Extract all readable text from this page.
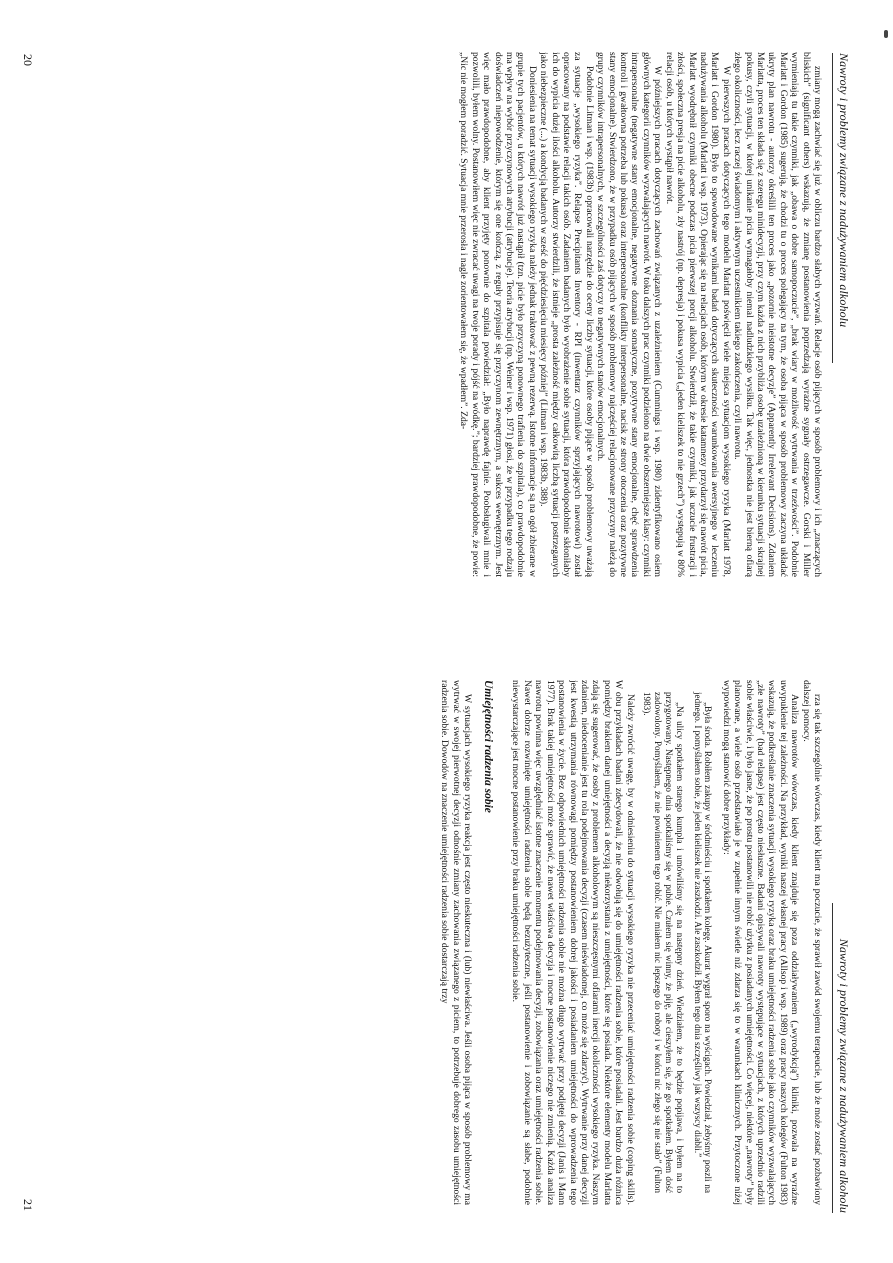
Nawroty i problemy związane z nadużywaniem alkoholu

zmiany mogą zachwiać się już w obliczu bardzo słabych wyzwań. Relacje osób pijących w sposób problemowy i ich „znaczących bliskich” (significant others) wskazują, że zmianę postanowienia poprzedzają wyraźne sygnały ostrzegawcze. Gorski i Miller wymieniają tu takie czynniki, jak „obawa o dobre samopoczucie”, „brak wiary w możliwość wytrwania w trzeźwości”. Podobnie Marlatt i Gordon (1985) sugerują, że chodzi tu o proces polegający na tym, że osoba pijąca w sposób problemowy zaczyna układać ukryty plan nawrotu - autorzy określili ten proces jako „pozornie nieistotne decyzje” (Apparently Irrelevant Decisions). Zdaniem Marlatta, proces ten składa się z szeregu minidecyzji, przy czym każda z nich przybliża osobę uzależnioną w kierunku sytuacji skrajnej pokusy, czyli sytuacji, w której unikanie picia wymagałoby niemal nadludzkiego wysiłku. Tak więc, jednostka nie jest bierną ofiarą złego okoliczności, lecz raczej świadomym i aktywnym uczestnikiem takiego zakończenia, czyli nawrotu.

W pierwszych pracach dotyczących tego modelu Marlatt poświęcił wiele miejsca sytuacjom wysokiego ryzyka (Marlatt 1978, Marlatt i Gordon 1980). Było to spowodowane wynikami badań dotyczących skuteczności warunkowania awersyjnego w leczeniu nadużywania alkoholu (Marlatt i wsp. 1973). Opierając się na relacjach osób, którym w okresie katamnezy przydarzył się nawrót picia, Marlatt wyodrębnił czynniki obecne podczas picia pierwszej porcji alkoholu. Stwierdził, że takie czynniki, jak uczucie frustracji i złości, społeczna presja na picie alkoholu, zły nastrój (np. depresja) i pokusa wypicia („jeden kieliszek to nie grzech”) występują w 80% relacji osób, u których wystąpił nawrót.

W późniejszych pracach dotyczących zachowań związanych z uzależnieniem (Cummings i wsp. 1980) zidentyfikowano osiem głównych kategorii czynników wyzwalających nawrót. W toku dalszych prac czynniki podzielono na dwie obszerniejsze klasy: czynniki intrapersonalne (negatywne stany emocjonalne, negatywne doznania somatyczne, pozytywne stany emocjonalne, chęć sprawdzenia kontroli i gwałtowna potrzeba lub pokusa) oraz interpersonalne (konflikty interpersonalne, nacisk ze strony otoczenia oraz pozytywne stany emocjonalne). Stwierdzono, że w przypadku osób pijących w sposób problemowy najczęściej relacjonowane przyczyny należą do grupy czynników intrapersonalnych, w szczególności zaś dotyczy to negatywnych stanów emocjonalnych.

Podobnie Litman i wsp. (1983b) opracowali narzędzie do oceny liczby sytuacji, które osoby pijące w sposób problemowy uważają za sytuacje „wysokiego ryzyka”. Relapse Precipitants Inventory - RPI (inwentarz czynników sprzyjających nawrotowi) został opracowany na podstawie relacji takich osób. Zadaniem badanych było wyobrażenie sobie sytuacji, która prawdopodobnie skłoniłaby ich do wypicia dużej ilości alkoholu. Autorzy stwierdzili, że istnieje „prosta zależność między całkowitą liczbą sytuacji postrzeganych jako niebezpieczne (...) a kondycją badanych w sześć do pięćdziesięciu miesięcy później” (Litman i wsp. 1983b, 388).

Doniesienia na temat sytuacji wysokiego ryzyka należy jednak traktować z pewną rezerwą. Istotne informacje są na ogół zbierane w grupie tych pacjentów, u których nawrót już nastąpił (tzn. picie było przyczyną ponownego trafienia do szpitala), co prawdopodobnie ma wpływ na wybór przyczynowych atrybucji (atrybucje). Teoria atrybucji (np. Weiner i wsp. 1971) głosi, że w przypadku tego rodzaju doświadczeń niepowodzenie, którym się one kończą, z reguły przypisuje się przyczynom zewnętrznym, a sukces wewnętrznym. Jest więc mało prawdopodobne, aby klient przyjęty ponownie do szpitala powiedział: „Było naprawdę fajnie. Poobsługiwali mnie i pozwolili, byłem wolny. Postanowiłem więc nie zwracać uwagi na twoje porady i pójść na wódkę.”; bardziej prawdopodobne, że powie: „Nic nie mogłem poradzić. Sytuacja mnie przerosła i nagle zorientowałem się, że wpadłem”. Zda-

20
Nawroty i problemy związane z nadużywaniem alkoholu

rza się tak szczególnie wówczas, kiedy klient ma poczucie, że sprawił zawód swojemu terapeucie, lub że może zostać pozbawiony dalszej pomocy.

Analiza nawrotów wówczas, kiedy klient znajduje się poza oddziaływaniem („wyrodykcją”) kliniki, pozwala na wyraźne uwypuklenie tej zależności. Na przykład, wyniki naszej własnej pracy (Allsop i wsp. 1989) oraz pracy naszych kolegów (Fulton 1983) wskazują, że podkreślanie znaczenia sytuacji wysokiego ryzyka oraz braku umiejętności radzenia sobie jako czynników wyzwalających „złe nawroty” (bad relapse) jest często niesłuszne. Badani opisywali nawroty występujące w sytuacjach, z których uprzednio radzili sobie właściwie, i było jasne, że po prostu postanowili nie robić użytku z posiadanych umiejętności. Co więcej, niektóre „nawroty” były planowane, a wiele osób przedstawiało je w zupełnie innym świetle niż zdarza się to w warunkach klinicznych. Przytoczone niżej wypowiedzi mogą stanowić dobre przykłady:

„Była środa. Robiłem zakupy w śródmieściu i spotkałem kolegę. Akurat wygrał sporo na wyścigach. Powiedział, żebyśmy poszli na jednego. I pomyślałem sobie, że jeden kieliszek nie zaszkodzi. Ale zaszkodził. Byłem tego dnia szczęśliwy jak wszyscy diabli.”

„Na ulicy spotkałem starego kumpla i umówiliśmy się na następny dzień. Wiedziałem, że to będzie popijawa, i byłem na to przygotowany. Następnego dnia spotkaliśmy się w pubie. Czułem się winny, że piję, ale cieszyłem się, że go spotkałem. Byłem dość zadowolony. Pomyślałem, że nie powinienem tego robić. Nie miałem nic lepszego do roboty i w końcu nic złego się nie stało” (Fulton 1983).

Należy zwrócić uwagę, by w odniesieniu do sytuacji wysokiego ryzyka nie przeceniać umiejętności radzenia sobie (coping skills). W obu przykładach badani zdecydowali, że nie odwołują się do umiejętności radzenia sobie, które posiadali. Jest bardzo duża różnica pomiędzy brakiem danej umiejętności a decyzją niekorzystania z umiejętności, które się posiada. Niektóre elementy modelu Marlatta zdają się sugerować, że osoby z problemem alkoholowym są nieszczęsnymi ofiarami inercji okoliczności wysokiego ryzyka. Naszym zdaniem, niedocenianie jest tu rola podejmowania decyzji (czasem nieświadomej, co może się zdarzyć). Wytrwanie przy danej decyzji jest kwestią utrzymania równowagi pomiędzy postanowieniem dobrej jakości i posiadaniem umiejętności do wprowadzenia tego postanowienia w życie. Bez odpowiednich umiejętności radzenia sobie nie można długo wytrwać przy podjętej decyzji (Janis i Mann 1977). Brak takiej umiejętności może sprawić, że nawet właściwa decyzja i mocne postanowienie niczego nie zmienią. Każda analiza nawrotu powinna więc uwzględniać istotne znaczenie momentu podejmowania decyzji, zobowiązania oraz umiejętności radzenia sobie. Nawet dobrze rozwinięte umiejętności radzenia sobie będą bezużyteczne, jeśli postanowienie i zobowiązanie są słabe, podobnie niewystarczające jest mocne postanowienie przy braku umiejętności radzenia sobie.

Umiejętności radzenia sobie

W sytuacjach wysokiego ryzyka reakcja jest często nieskuteczna i (lub) niewłaściwa. Jeśli osoba pijąca w sposób problemowy ma wytrwać w swojej pierwotnej decyzji odnośnie zmiany zachowania związanego z piciem, to potrzebuje dobrego zasobu umiejętności radzenia sobie. Dowodów na znaczenie umiejętności radzenia sobie dostarczają trzy

21
